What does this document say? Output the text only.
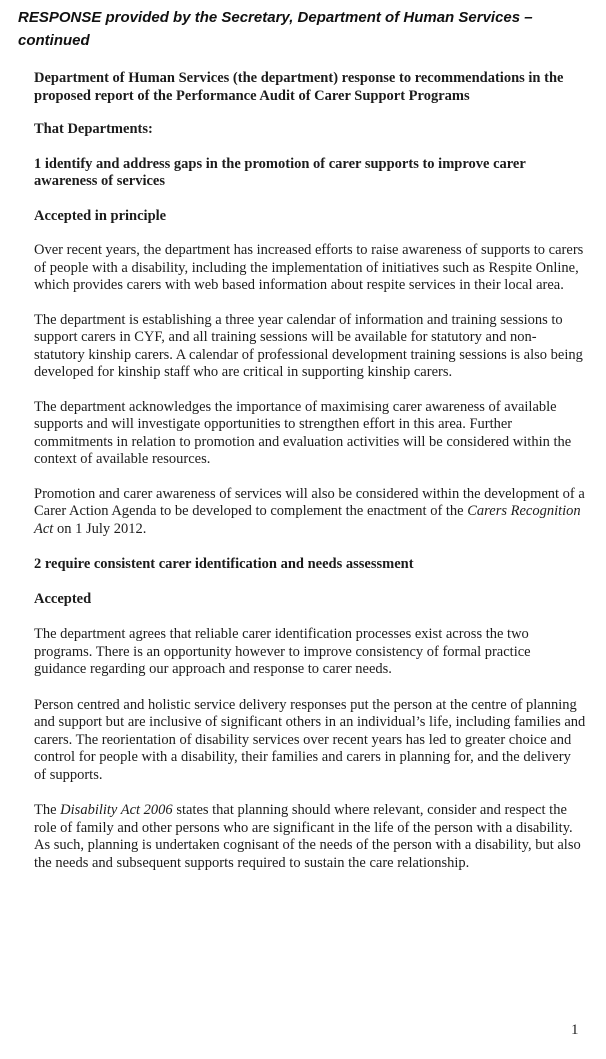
RESPONSE provided by the Secretary, Department of Human Services – continued

Department of Human Services (the department) response to recommendations in the proposed report of the Performance Audit of Carer Support Programs

That Departments:

1 identify and address gaps in the promotion of carer supports to improve carer awareness of services

Accepted in principle

Over recent years, the department has increased efforts to raise awareness of supports to carers of people with a disability, including the implementation of initiatives such as Respite Online, which provides carers with web based information about respite services in their local area.

The department is establishing a three year calendar of information and training sessions to support carers in CYF, and all training sessions will be available for statutory and non-statutory kinship carers. A calendar of professional development training sessions is also being developed for kinship staff who are critical in supporting kinship carers.

The department acknowledges the importance of maximising carer awareness of available supports and will investigate opportunities to strengthen effort in this area. Further commitments in relation to promotion and evaluation activities will be considered within the context of available resources.

Promotion and carer awareness of services will also be considered within the development of a Carer Action Agenda to be developed to complement the enactment of the Carers Recognition Act on 1 July 2012.

2 require consistent carer identification and needs assessment

Accepted

The department agrees that reliable carer identification processes exist across the two programs. There is an opportunity however to improve consistency of formal practice guidance regarding our approach and response to carer needs.

Person centred and holistic service delivery responses put the person at the centre of planning and support but are inclusive of significant others in an individual’s life, including families and carers. The reorientation of disability services over recent years has led to greater choice and control for people with a disability, their families and carers in planning for, and the delivery of supports.

The Disability Act 2006 states that planning should where relevant, consider and respect the role of family and other persons who are significant in the life of the person with a disability. As such, planning is undertaken cognisant of the needs of the person with a disability, but also the needs and subsequent supports required to sustain the care relationship.

1
